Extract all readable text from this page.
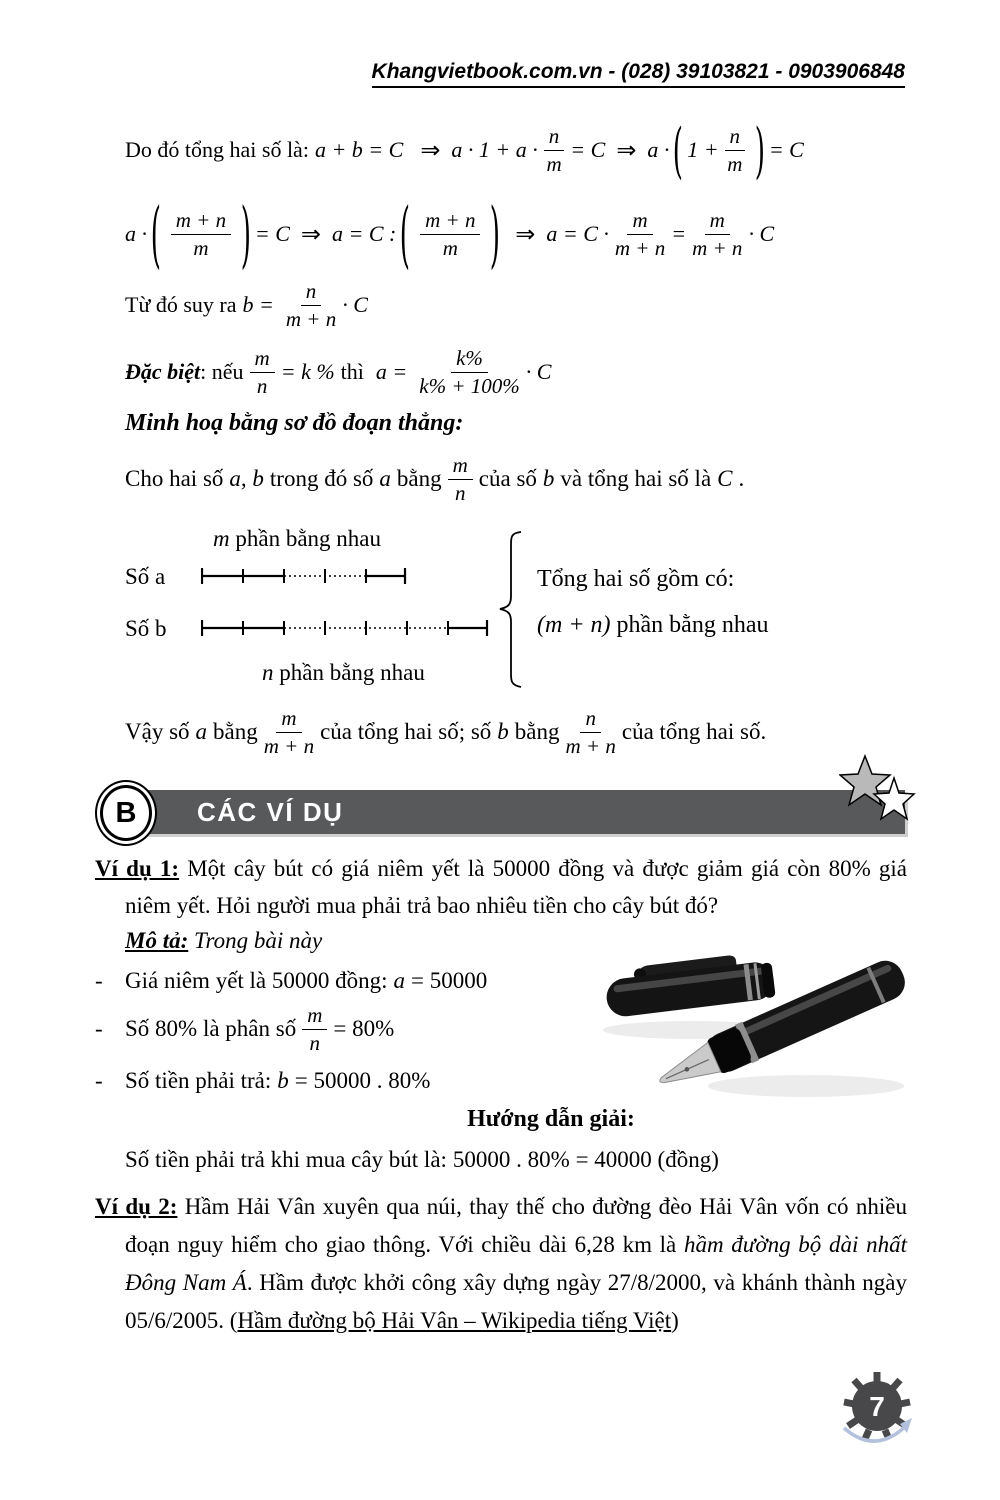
Khangvietbook.com.vn - (028) 39103821 - 0903906848
Do đó tổng hai số là: a + b = C ⇒ $a \cdot 1 + a \cdot \frac{n}{m} = C$ ⇒ a · ( $1 + \frac{n}{m}$ ) = C
a · ( $\frac{m + n}{m}$ ) = C ⇒ a = C : ( $\frac{m + n}{m}$ ) ⇒ $a = C \cdot \frac{m}{m + n} = \frac{m}{m + n} \cdot C$
Từ đó suy ra $b = \frac{n}{m + n} \cdot C$
Đặc biệt : nếu $\frac{m}{n} = k$ % thì $a = \frac{k\%}{k\% + 100\%} \cdot C$
Minh hoạ bằng sơ đồ đoạn thẳng:
Cho hai số a, b trong đó số a bằng $\frac{m}{n}$ của số b và tổng hai số là C .
m phần bằng nhau
Số a
Số b
n phần bằng nhau
Tổng hai số gồm có:
(m + n) phần bằng nhau
Vậy số a bằng $\frac{m}{m + n}$ của tổng hai số; số b bằng $\frac{n}{m + n}$ của tổng hai số.
B	CÁC VÍ DỤ

Ví dụ 1: Một cây bút có giá niêm yết là 50000 đồng và được giảm giá còn 80% giá niêm yết. Hỏi người mua phải trả bao nhiêu tiền cho cây bút đó?

Mô tả: Trong bài này
- Giá niêm yết là 50000 đồng: a = 50000
- Số 80% là phân số $\frac{m}{n} = 80\%$
- Số tiền phải trả: b = 50000 . 80%
Hướng dẫn giải:
Số tiền phải trả khi mua cây bút là: 50000 . 80% = 40000 (đồng)

Ví dụ 2: Hầm Hải Vân xuyên qua núi, thay thế cho đường đèo Hải Vân vốn có nhiều đoạn nguy hiểm cho giao thông. Với chiều dài 6,28 km là hầm đường bộ dài nhất Đông Nam Á. Hầm được khởi công xây dựng ngày 27/8/2000, và khánh thành ngày 05/6/2005. (Hầm đường bộ Hải Vân – Wikipedia tiếng Việt)

7
